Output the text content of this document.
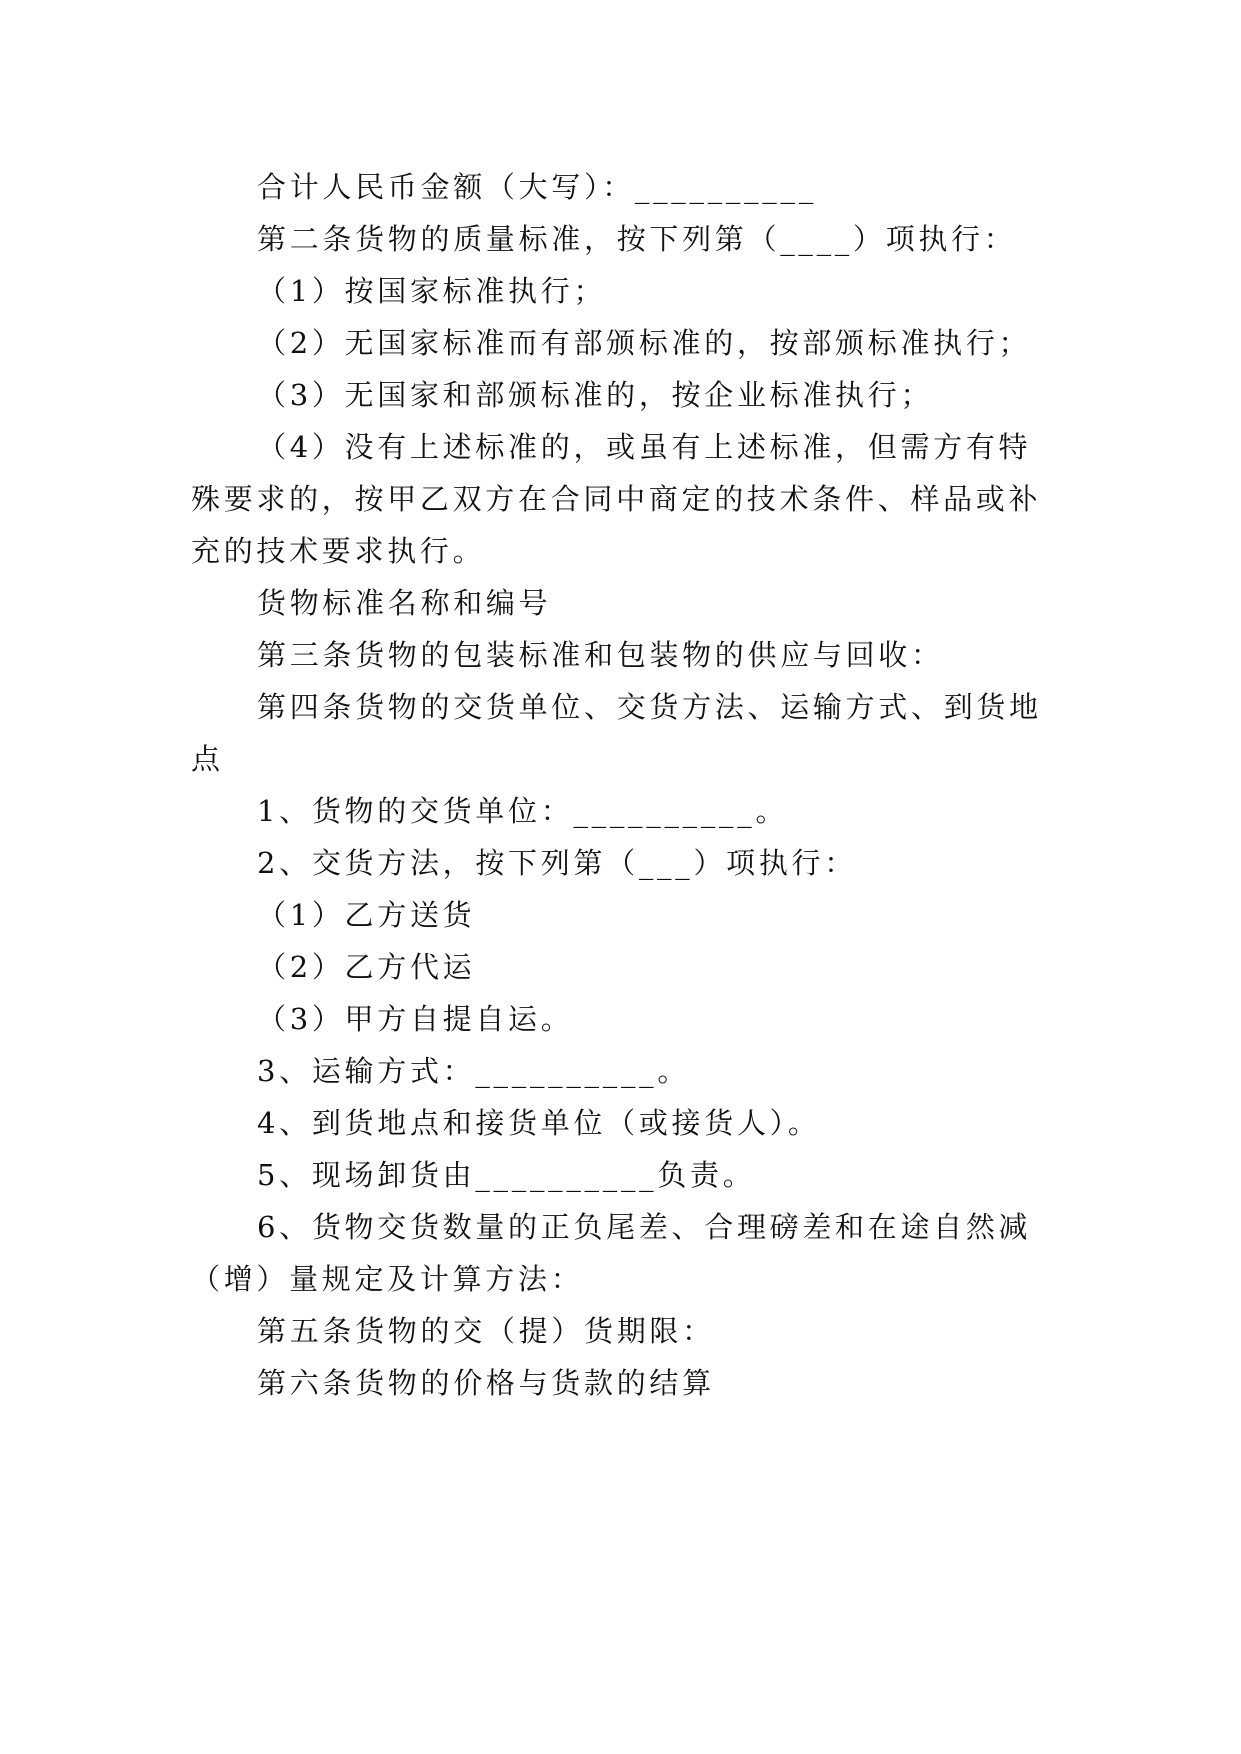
合计人民币金额（大写）：__________

第二条货物的质量标准，按下列第（____）项执行：

（1）按国家标准执行；

（2）无国家标准而有部颁标准的，按部颁标准执行；

（3）无国家和部颁标准的，按企业标准执行；

（4）没有上述标准的，或虽有上述标准，但需方有特

殊要求的，按甲乙双方在合同中商定的技术条件、样品或补

充的技术要求执行。

货物标准名称和编号

第三条货物的包装标准和包装物的供应与回收：

第四条货物的交货单位、交货方法、运输方式、到货地

点

1、货物的交货单位：__________。

2、交货方法，按下列第（___）项执行：

（1）乙方送货

（2）乙方代运

（3）甲方自提自运。

3、运输方式：__________。

4、到货地点和接货单位（或接货人）。

5、现场卸货由__________负责。

6、货物交货数量的正负尾差、合理磅差和在途自然减

（增）量规定及计算方法：

第五条货物的交（提）货期限：

第六条货物的价格与货款的结算
